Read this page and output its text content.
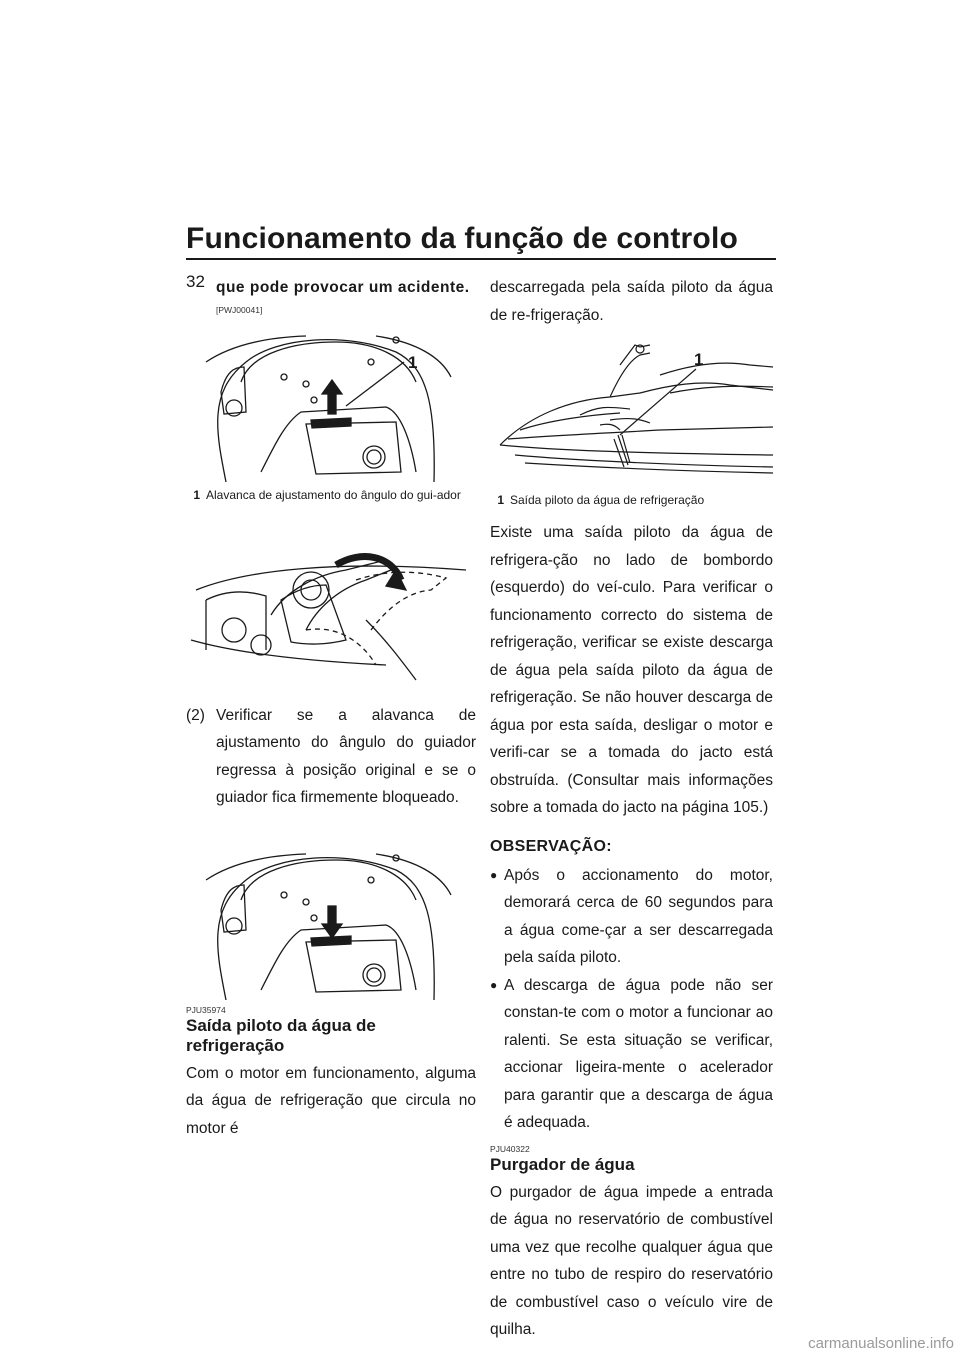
Funcionamento da função de controlo
32 que pode provocar um acidente.

[PWJ00041]

1
1 Alavanca de ajustamento do ângulo do gui-ador
(2) Verificar se a alavanca de ajustamento do ângulo do guiador regressa à posição original e se o guiador fica firmemente bloqueado.

PJU35974

Saída piloto da água de refrigeração

Com o motor em funcionamento, alguma da água de refrigeração que circula no motor é

descarregada pela saída piloto da água de re-frigeração.

1
1 Saída piloto da água de refrigeração

Existe uma saída piloto da água de refrigera-ção no lado de bombordo (esquerdo) do veí-culo. Para verificar o funcionamento correcto do sistema de refrigeração, verificar se existe descarga de água pela saída piloto da água de refrigeração. Se não houver descarga de água por esta saída, desligar o motor e verifi-car se a tomada do jacto está obstruída. (Consultar mais informações sobre a tomada do jacto na página 105.)

OBSERVAÇÃO:

● Após o accionamento do motor, demorará cerca de 60 segundos para a água come-çar a ser descarregada pela saída piloto.
● A descarga de água pode não ser constan-te com o motor a funcionar ao ralenti. Se esta situação se verificar, accionar ligeira-mente o acelerador para garantir que a descarga de água é adequada.

PJU40322

Purgador de água

O purgador de água impede a entrada de água no reservatório de combustível uma vez que recolhe qualquer água que entre no tubo de respiro do reservatório de combustível caso o veículo vire de quilha.

carmanualsonline.info
